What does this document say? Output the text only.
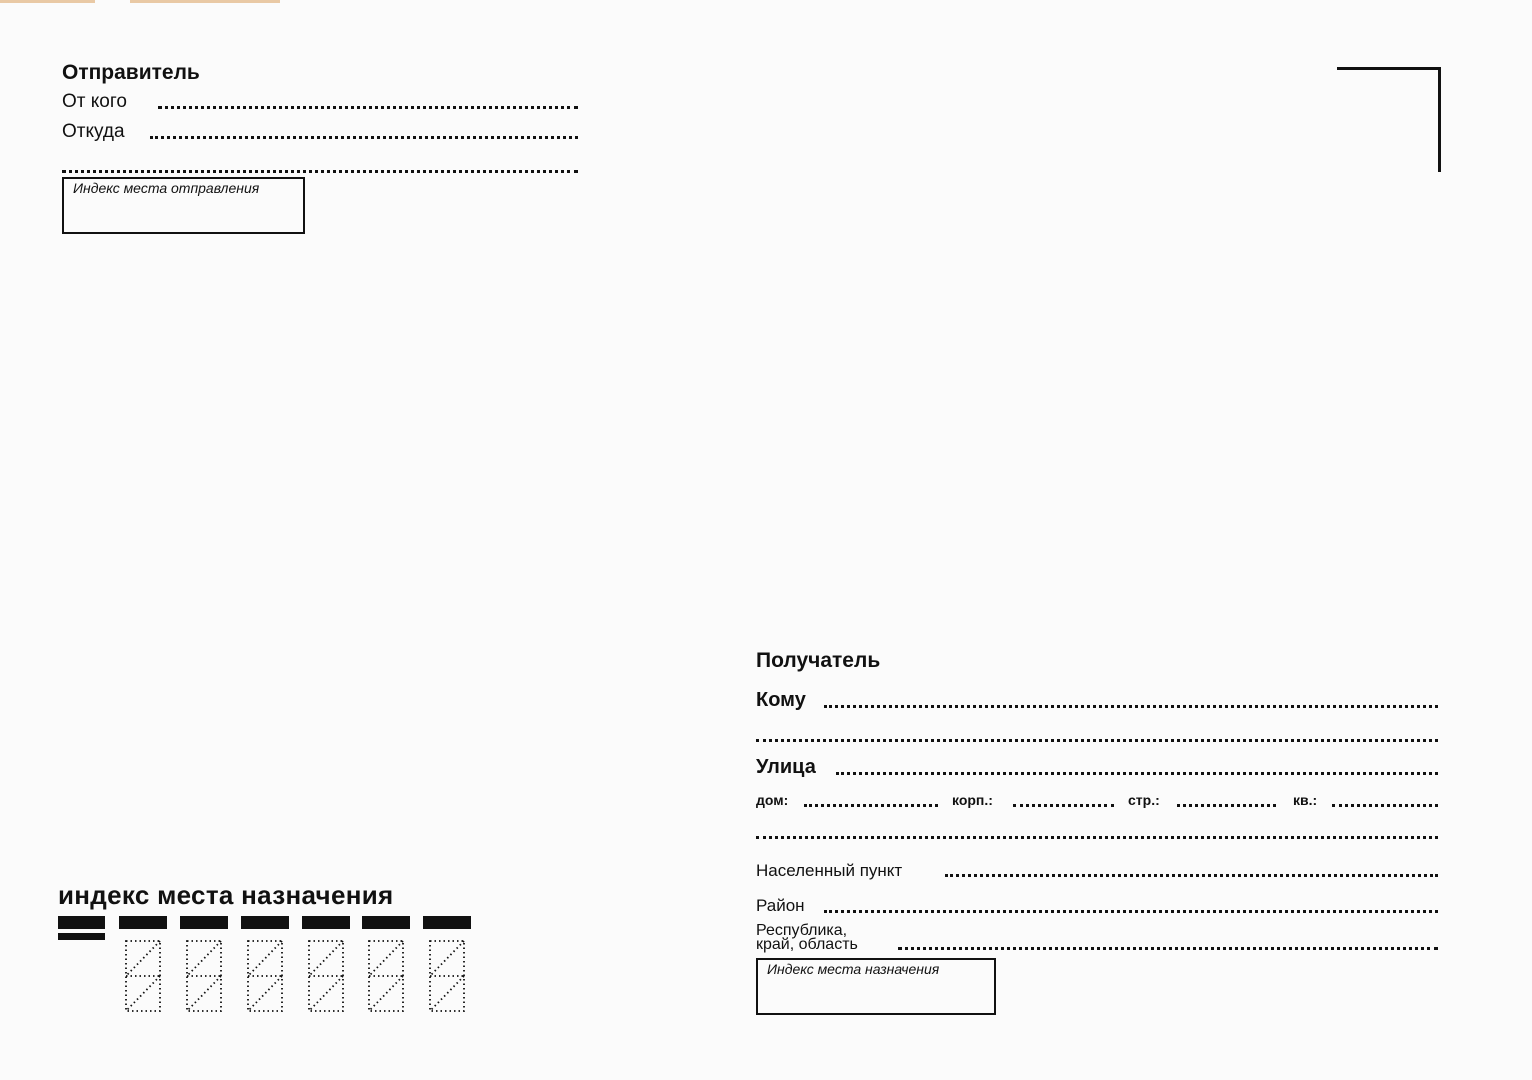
Отправитель
От кого
Откуда
Индекс места отправления
Получатель
Кому
Улица
дом:	корп.:	стр.:	кв.:
Населенный пункт
Район
Республика,
край, область
Индекс места назначения
индекс места назначения
